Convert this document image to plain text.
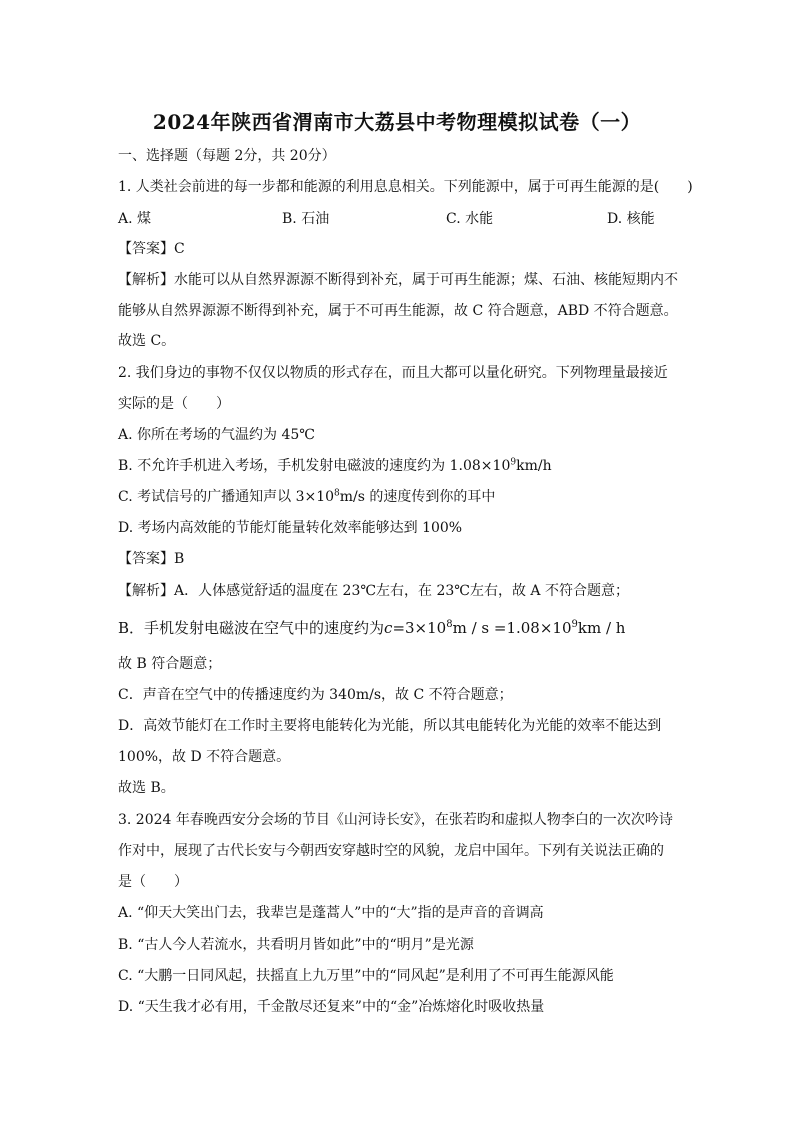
2024年陕西省渭南市大荔县中考物理模拟试卷（一）
一、选择题（每题 2分，共 20分）
1. 人类社会前进的每一步都和能源的利用息息相关。下列能源中，属于可再生能源的是(　　)
A. 煤	B. 石油	C. 水能	D. 核能
【答案】C
【解析】水能可以从自然界源源不断得到补充，属于可再生能源；煤、石油、核能短期内不
能够从自然界源源不断得到补充，属于不可再生能源，故 C 符合题意，ABD 不符合题意。
故选 C。
2. 我们身边的事物不仅仅以物质的形式存在，而且大都可以量化研究。下列物理量最接近
实际的是（　　）
A. 你所在考场的气温约为 45℃
B. 不允许手机进入考场，手机发射电磁波的速度约为 $1.08\times 10^9km/h$
C. 考试信号的广播通知声以 $3\times 10^8m/s$ 的速度传到你的耳中
D. 考场内高效能的节能灯能量转化效率能够达到 100%
【答案】B
【解析】A．人体感觉舒适的温度在 23℃左右，在 23℃左右，故 A 不符合题意；
B．手机发射电磁波在空气中的速度约为$c=3\times 10^8m / s =1.08\times 10^9km / h$
故 B 符合题意；
C．声音在空气中的传播速度约为 340m/s，故 C 不符合题意；
D．高效节能灯在工作时主要将电能转化为光能，所以其电能转化为光能的效率不能达到
100%，故 D 不符合题意。
故选 B。
3. 2024 年春晚西安分会场的节目《山河诗长安》，在张若昀和虚拟人物李白的一次次吟诗
作对中，展现了古代长安与今朝西安穿越时空的风貌，龙启中国年。下列有关说法正确的
是（　　）
A. “仰天大笑出门去，我辈岂是蓬蒿人”中的“大”指的是声音的音调高
B. “古人今人若流水，共看明月皆如此”中的“明月”是光源
C. “大鹏一日同风起，扶摇直上九万里”中的“同风起”是利用了不可再生能源风能
D. “天生我才必有用，千金散尽还复来”中的“金”冶炼熔化时吸收热量
